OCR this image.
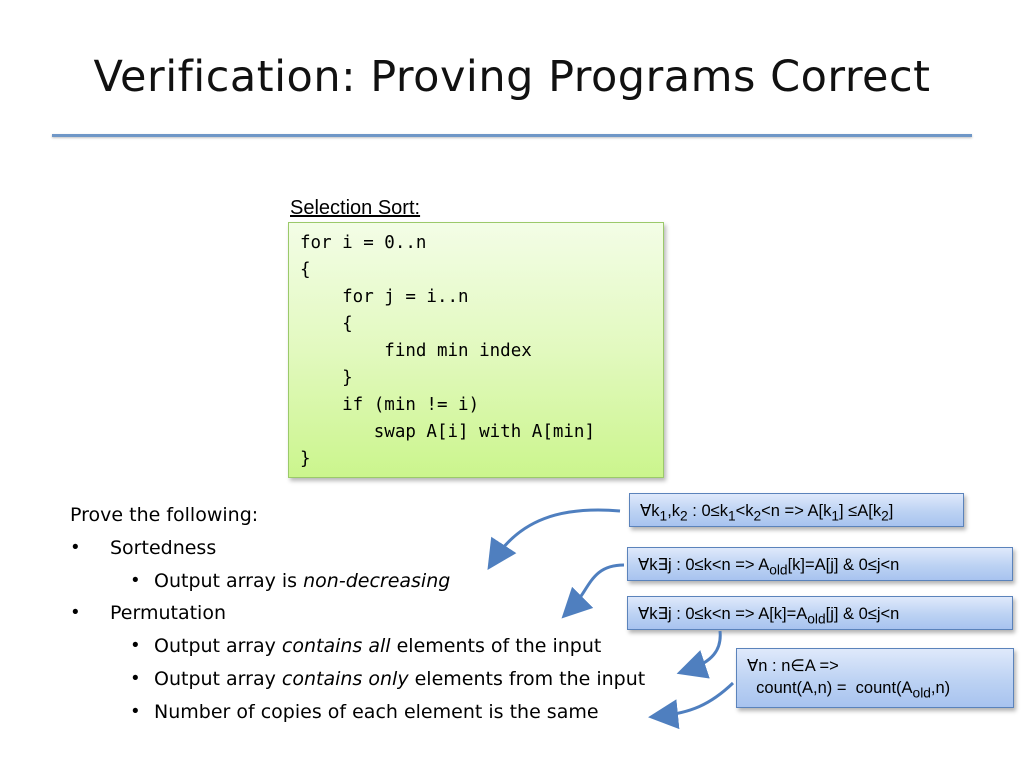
Verification: Proving Programs Correct
Selection Sort:
for i = 0..n
{
for j = i..n
{
find min index
}
if (min != i)
swap A[i] with A[min]
}
Prove the following:
• Sortedness
• Output array is non-decreasing
• Permutation
• Output array contains all elements of the input
• Output array contains only elements from the input
• Number of copies of each element is the same
$\forall k_1,k_2$ : $0\le k_1<k_2<n => A[k_1] \le A[k_2]$
∀k∃j : $0\le k<n => A_{old}[k]=A[j]$ & 0≤j<n
∀k∃j : $0\le k<n => A[k]=A_{old}[j]$ & 0≤j<n
∀n : n∈A =>
count(A,n) =  $count(A_{old},n)$
